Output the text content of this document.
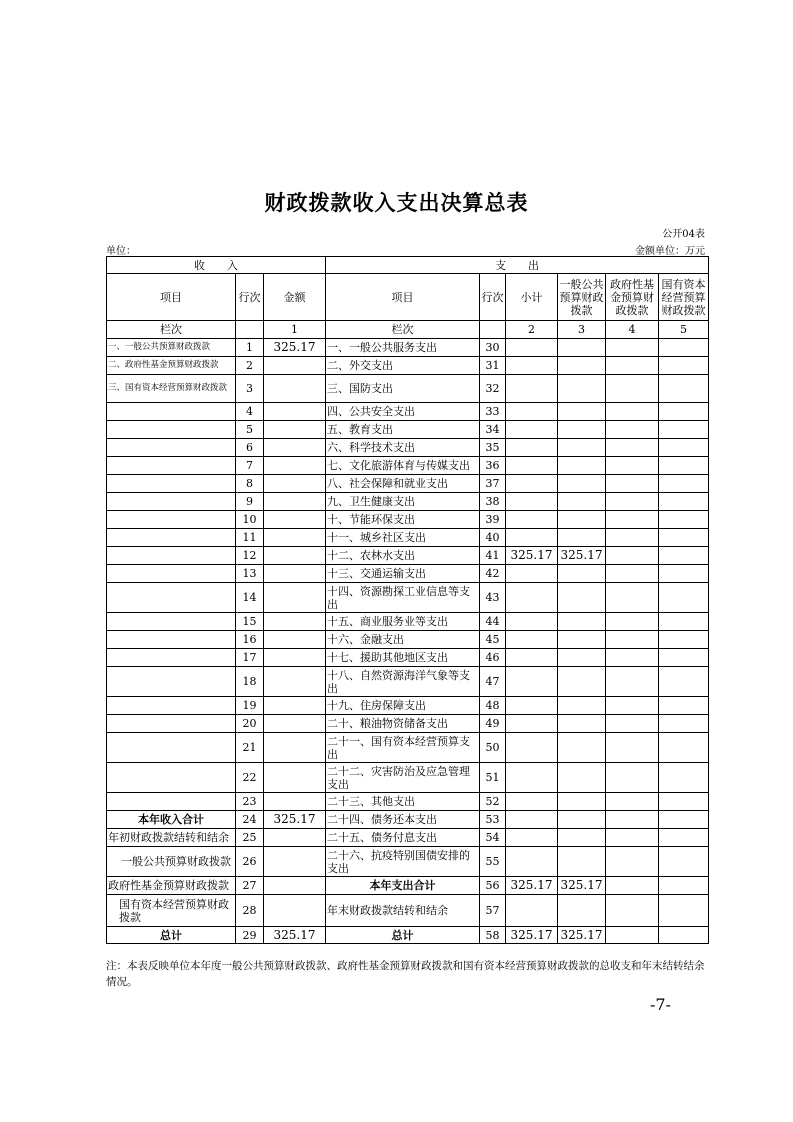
财政拨款收入支出决算总表
公开04表
单位：	金额单位：万元
收　　入			支　　出					
项目	行次	金额	项目	行次	小计	一般公共预算财政拨款	政府性基金预算财政拨款	国有资本经营预算财政拨款
栏次		1	栏次		2	3	4	5
一、一般公共预算财政拨款	1	325.17	一、一般公共服务支出	30				
二、政府性基金预算财政拨款	2		二、外交支出	31				
三、国有资本经营预算财政拨款	3		三、国防支出	32				
	4		四、公共安全支出	33				
	5		五、教育支出	34				
	6		六、科学技术支出	35				
	7		七、文化旅游体育与传媒支出	36				
	8		八、社会保障和就业支出	37				
	9		九、卫生健康支出	38				
	10		十、节能环保支出	39				
	11		十一、城乡社区支出	40				
	12		十二、农林水支出	41	325.17	325.17		
	13		十三、交通运输支出	42				
	14		十四、资源勘探工业信息等支出	43				
	15		十五、商业服务业等支出	44				
	16		十六、金融支出	45				
	17		十七、援助其他地区支出	46				
	18		十八、自然资源海洋气象等支出	47				
	19		十九、住房保障支出	48				
	20		二十、粮油物资储备支出	49				
	21		二十一、国有资本经营预算支出	50				
	22		二十二、灾害防治及应急管理支出	51				
	23		二十三、其他支出	52				
本年收入合计	24	325.17	二十四、债务还本支出	53				
年初财政拨款结转和结余	25		二十五、债务付息支出	54				
一般公共预算财政拨款	26		二十六、抗疫特别国债安排的支出	55				
政府性基金预算财政拨款	27		本年支出合计	56	325.17	325.17		
国有资本经营预算财政拨款	28		年末财政拨款结转和结余	57				
总计	29	325.17	总计	58	325.17	325.17		
注：本表反映单位本年度一般公共预算财政拨款、政府性基金预算财政拨款和国有资本经营预算财政拨款的总收支和年末结转结余情况。
-7-
